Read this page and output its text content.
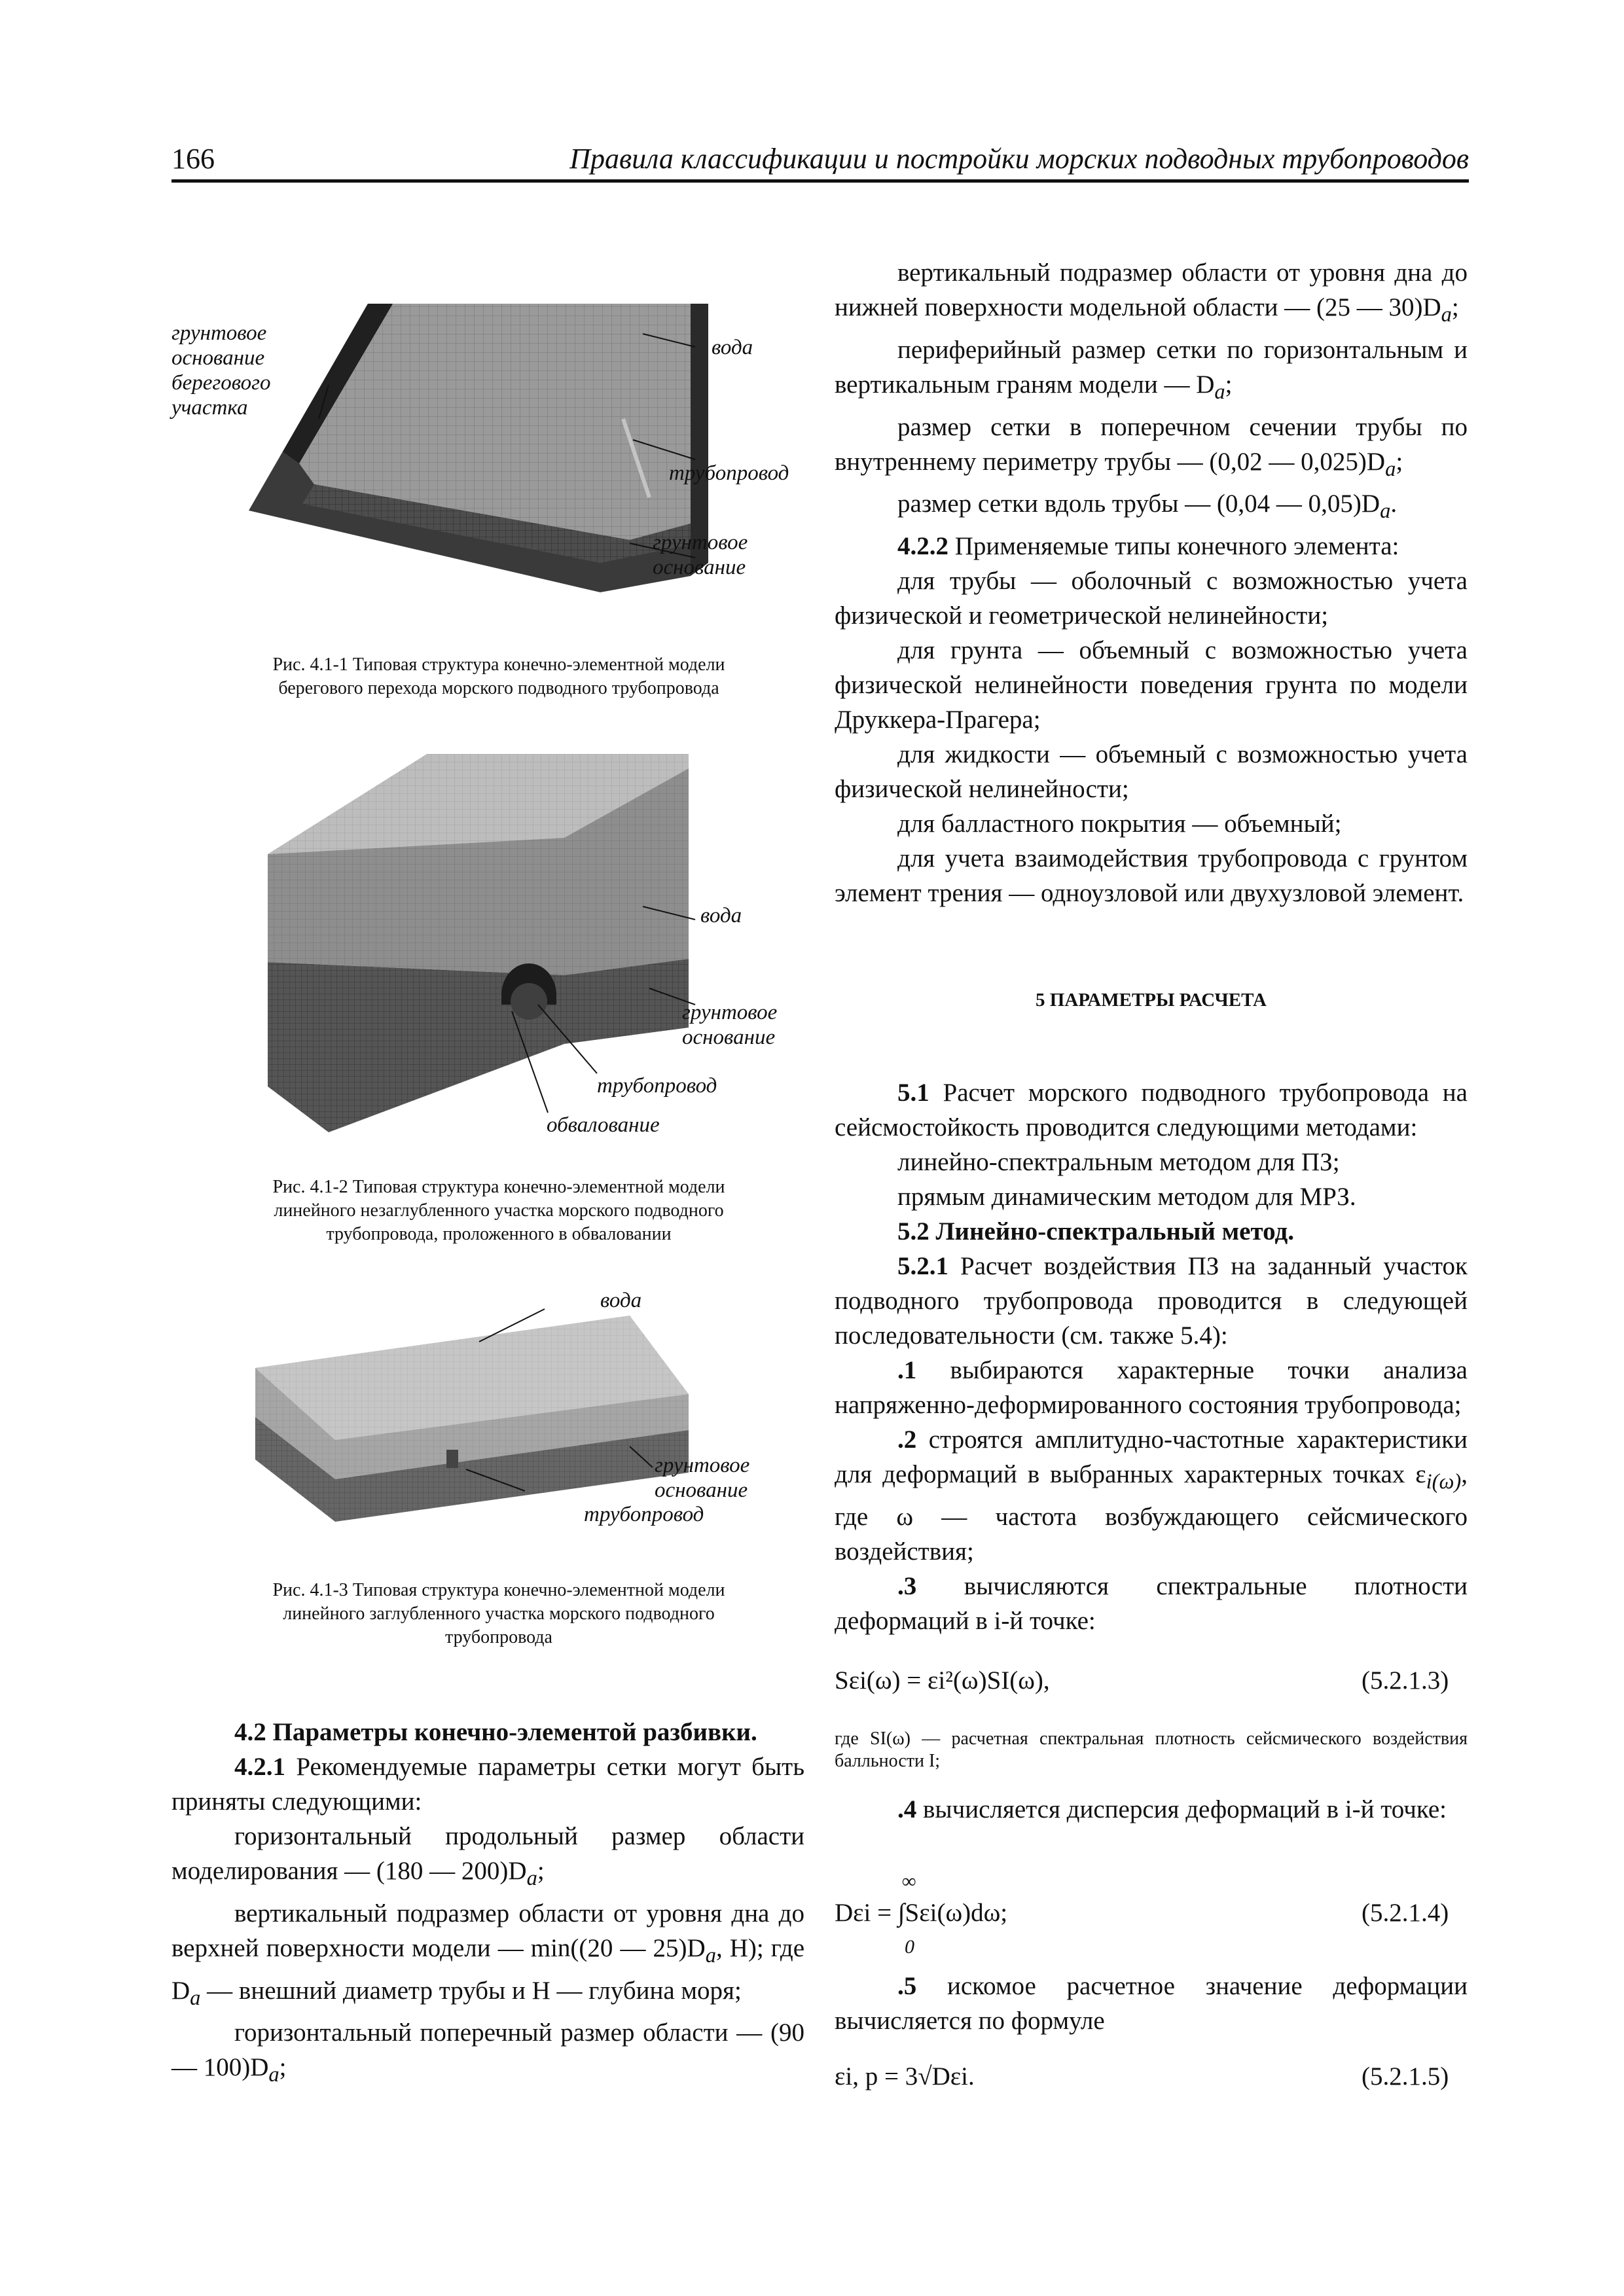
166	Правила классификации и постройки морских подводных трубопроводов
грунтовое
основание
берегового
участка
вода
трубопровод
грунтовое
основание
Рис. 4.1-1 Типовая структура конечно-элементной модели
берегового перехода морского подводного трубопровода
вода
грунтовое
основание
трубопровод
обвалование
Рис. 4.1-2 Типовая структура конечно-элементной модели
линейного незаглубленного участка морского подводного
трубопровода, проложенного в обваловании
вода
грунтовое
основание
трубопровод
Рис. 4.1-3 Типовая структура конечно-элементной модели
линейного заглубленного участка морского подводного
трубопровода

4.2 Параметры конечно-элементой разбивки.

4.2.1 Рекомендуемые параметры сетки могут быть приняты следующими:

горизонтальный продольный размер области моделирования — (180 — $200)D_a$;

вертикальный подразмер области от уровня дна до верхней поверхности модели — min((20 — $25)D_a$, H); где $D_a$ — внешний диаметр трубы и H — глубина моря;

горизонтальный поперечный размер области — (90 — $100)D_a$;

вертикальный подразмер области от уровня дна до нижней поверхности модельной области — (25 — $30)D_a$;

периферийный размер сетки по горизонтальным и вертикальным граням модели — $D_a$;

размер сетки в поперечном сечении трубы по внутреннему периметру трубы — (0,02 — $0,025)D_a$;

размер сетки вдоль трубы — (0,04 — $0,05)D_a$.

4.2.2 Применяемые типы конечного элемента:

для трубы — оболочный с возможностью учета физической и геометрической нелинейности;

для грунта — объемный с возможностью учета физической нелинейности поведения грунта по модели Друккера-Прагера;

для жидкости — объемный с возможностью учета физической нелинейности;

для балластного покрытия — объемный;

для учета взаимодействия трубопровода с грунтом элемент трения — одноузловой или двухузловой элемент.

5 ПАРАМЕТРЫ РАСЧЕТА

5.1 Расчет морского подводного трубопровода на сейсмостойкость проводится следующими методами:

линейно-спектральным методом для ПЗ;

прямым динамическим методом для МРЗ.

5.2 Линейно-спектральный метод.

5.2.1 Расчет воздействия ПЗ на заданный участок подводного трубопровода проводится в следующей последовательности (см. также 5.4):

.1 выбираются характерные точки анализа напряженно-деформированного состояния трубопровода;

.2 строятся амплитудно-частотные характеристики для деформаций в выбранных характерных точках $\varepsilon_{i(\omega)}$, где ω — частота возбуждающего сейсмического воздействия;

.3 вычисляются спектральные плотности деформаций в i-й точке:

Sεi(ω) = εi²(ω)SI(ω),	(5.2.1.3)
где SI(ω) — расчетная спектральная плотность сейсмического воздействия балльности I;

.4 вычисляется дисперсия деформаций в i-й точке:

∞
Dεi = ∫Sεi(ω)dω;
0
(5.2.1.4)

.5 искомое расчетное значение деформации вычисляется по формуле

εi, p = 3√Dεi.	(5.2.1.5)
